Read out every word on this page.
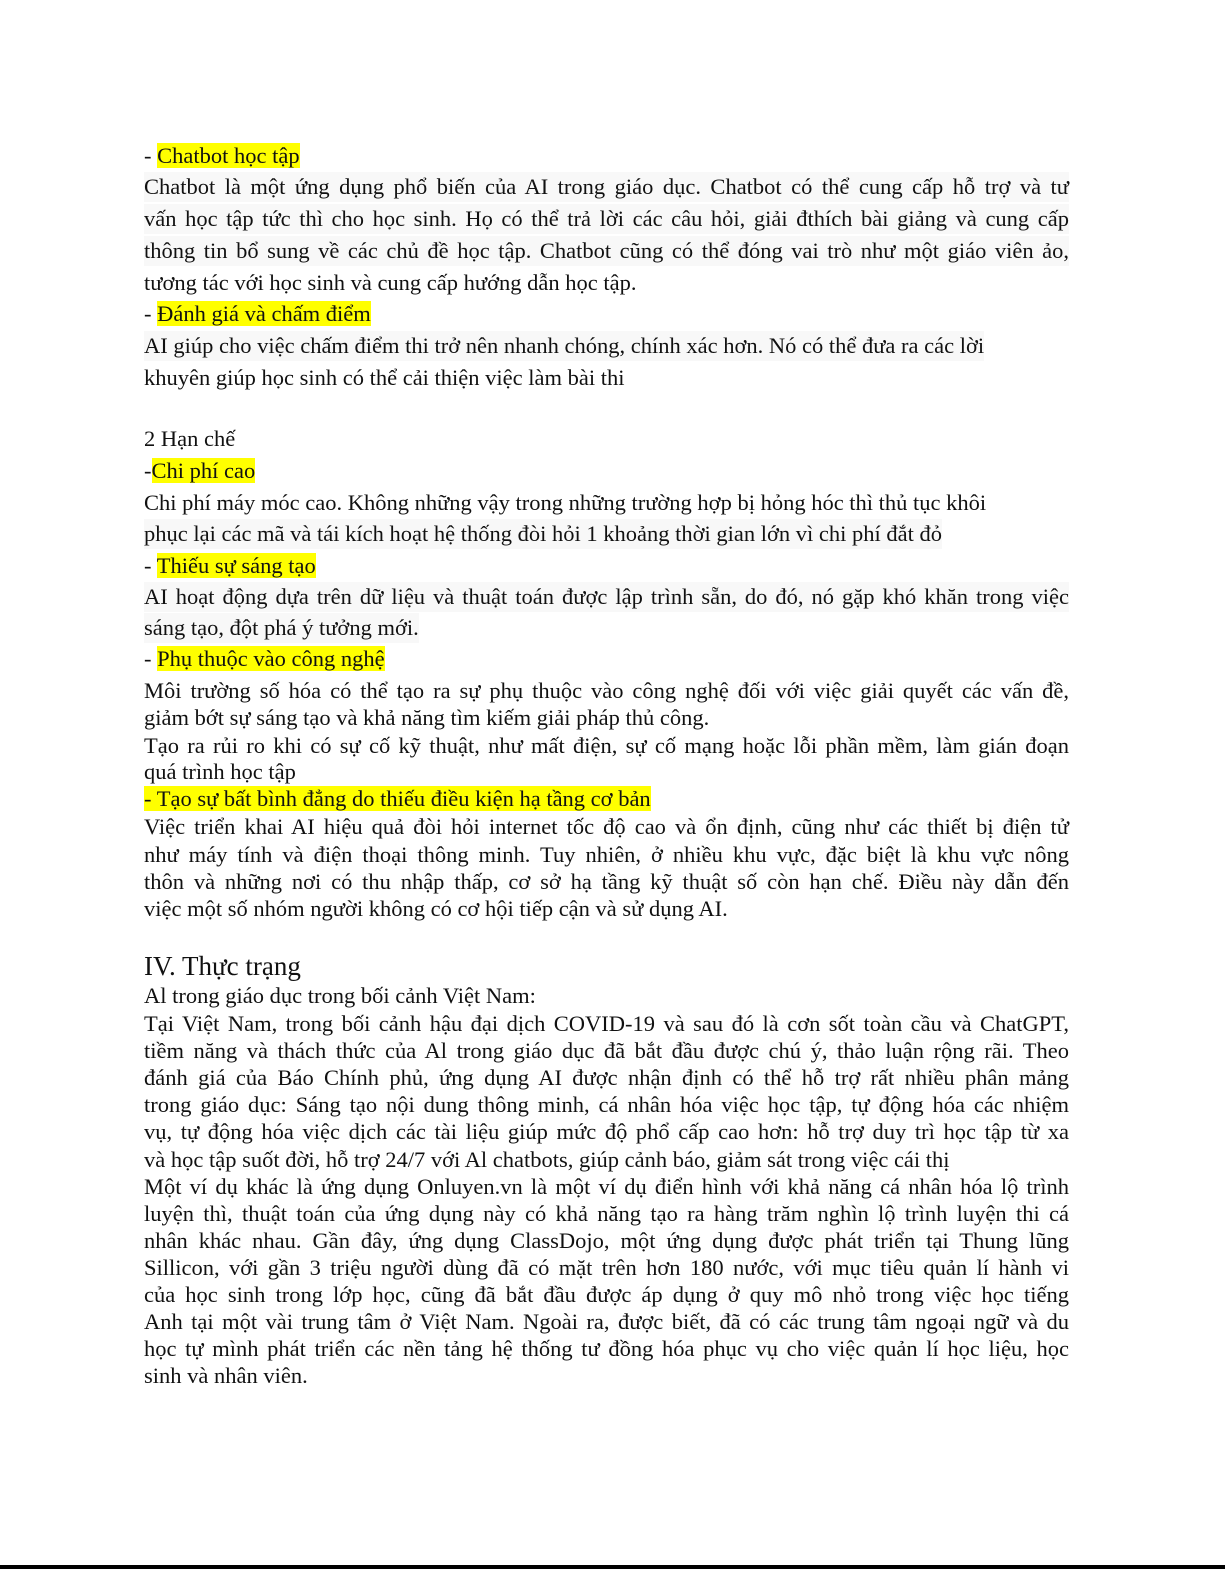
- Chatbot học tập
Chatbot là một ứng dụng phổ biến của AI trong giáo dục. Chatbot có thể cung cấp hỗ trợ và tư
vấn học tập tức thì cho học sinh. Họ có thể trả lời các câu hỏi, giải đthích bài giảng và cung cấp
thông tin bổ sung về các chủ đề học tập. Chatbot cũng có thể đóng vai trò như một giáo viên ảo,
tương tác với học sinh và cung cấp hướng dẫn học tập.
- Đánh giá và chấm điểm
AI giúp cho việc chấm điểm thi trở nên nhanh chóng, chính xác hơn. Nó có thể đưa ra các lời
khuyên giúp học sinh có thể cải thiện việc làm bài thi
2 Hạn chế
-Chi phí cao
Chi phí máy móc cao. Không những vậy trong những trường hợp bị hỏng hóc thì thủ tục khôi
phục lại các mã và tái kích hoạt hệ thống đòi hỏi 1 khoảng thời gian lớn vì chi phí đắt đỏ
- Thiếu sự sáng tạo
AI hoạt động dựa trên dữ liệu và thuật toán được lập trình sẵn, do đó, nó gặp khó khăn trong việc
sáng tạo, đột phá ý tưởng mới.
- Phụ thuộc vào công nghệ
Môi trường số hóa có thể tạo ra sự phụ thuộc vào công nghệ đối với việc giải quyết các vấn đề,
giảm bớt sự sáng tạo và khả năng tìm kiếm giải pháp thủ công.
Tạo ra rủi ro khi có sự cố kỹ thuật, như mất điện, sự cố mạng hoặc lỗi phần mềm, làm gián đoạn
quá trình học tập
- Tạo sự bất bình đẳng do thiếu điều kiện hạ tầng cơ bản
Việc triển khai AI hiệu quả đòi hỏi internet tốc độ cao và ổn định, cũng như các thiết bị điện tử
như máy tính và điện thoại thông minh. Tuy nhiên, ở nhiều khu vực, đặc biệt là khu vực nông
thôn và những nơi có thu nhập thấp, cơ sở hạ tầng kỹ thuật số còn hạn chế. Điều này dẫn đến
việc một số nhóm người không có cơ hội tiếp cận và sử dụng AI.
IV. Thực trạng
Al trong giáo dục trong bối cảnh Việt Nam:
Tại Việt Nam, trong bối cảnh hậu đại dịch COVID-19 và sau đó là cơn sốt toàn cầu và ChatGPT,
tiềm năng và thách thức của Al trong giáo dục đã bắt đầu được chú ý, thảo luận rộng rãi. Theo
đánh giá của Báo Chính phủ, ứng dụng AI được nhận định có thể hỗ trợ rất nhiều phân mảng
trong giáo dục: Sáng tạo nội dung thông minh, cá nhân hóa việc học tập, tự động hóa các nhiệm
vụ, tự động hóa việc dịch các tài liệu giúp mức độ phổ cấp cao hơn: hỗ trợ duy trì học tập từ xa
và học tập suốt đời, hỗ trợ 24/7 với Al chatbots, giúp cảnh báo, giảm sát trong việc cái thị
Một ví dụ khác là ứng dụng Onluyen.vn là một ví dụ điển hình với khả năng cá nhân hóa lộ trình
luyện thì, thuật toán của ứng dụng này có khả năng tạo ra hàng trăm nghìn lộ trình luyện thi cá
nhân khác nhau. Gần đây, ứng dụng ClassDojo, một ứng dụng được phát triển tại Thung lũng
Sillicon, với gần 3 triệu người dùng đã có mặt trên hơn 180 nước, với mục tiêu quản lí hành vi
của học sinh trong lớp học, cũng đã bắt đầu được áp dụng ở quy mô nhỏ trong việc học tiếng
Anh tại một vài trung tâm ở Việt Nam. Ngoài ra, được biết, đã có các trung tâm ngoại ngữ và du
học tự mình phát triển các nền tảng hệ thống tư đồng hóa phục vụ cho việc quản lí học liệu, học
sinh và nhân viên.
